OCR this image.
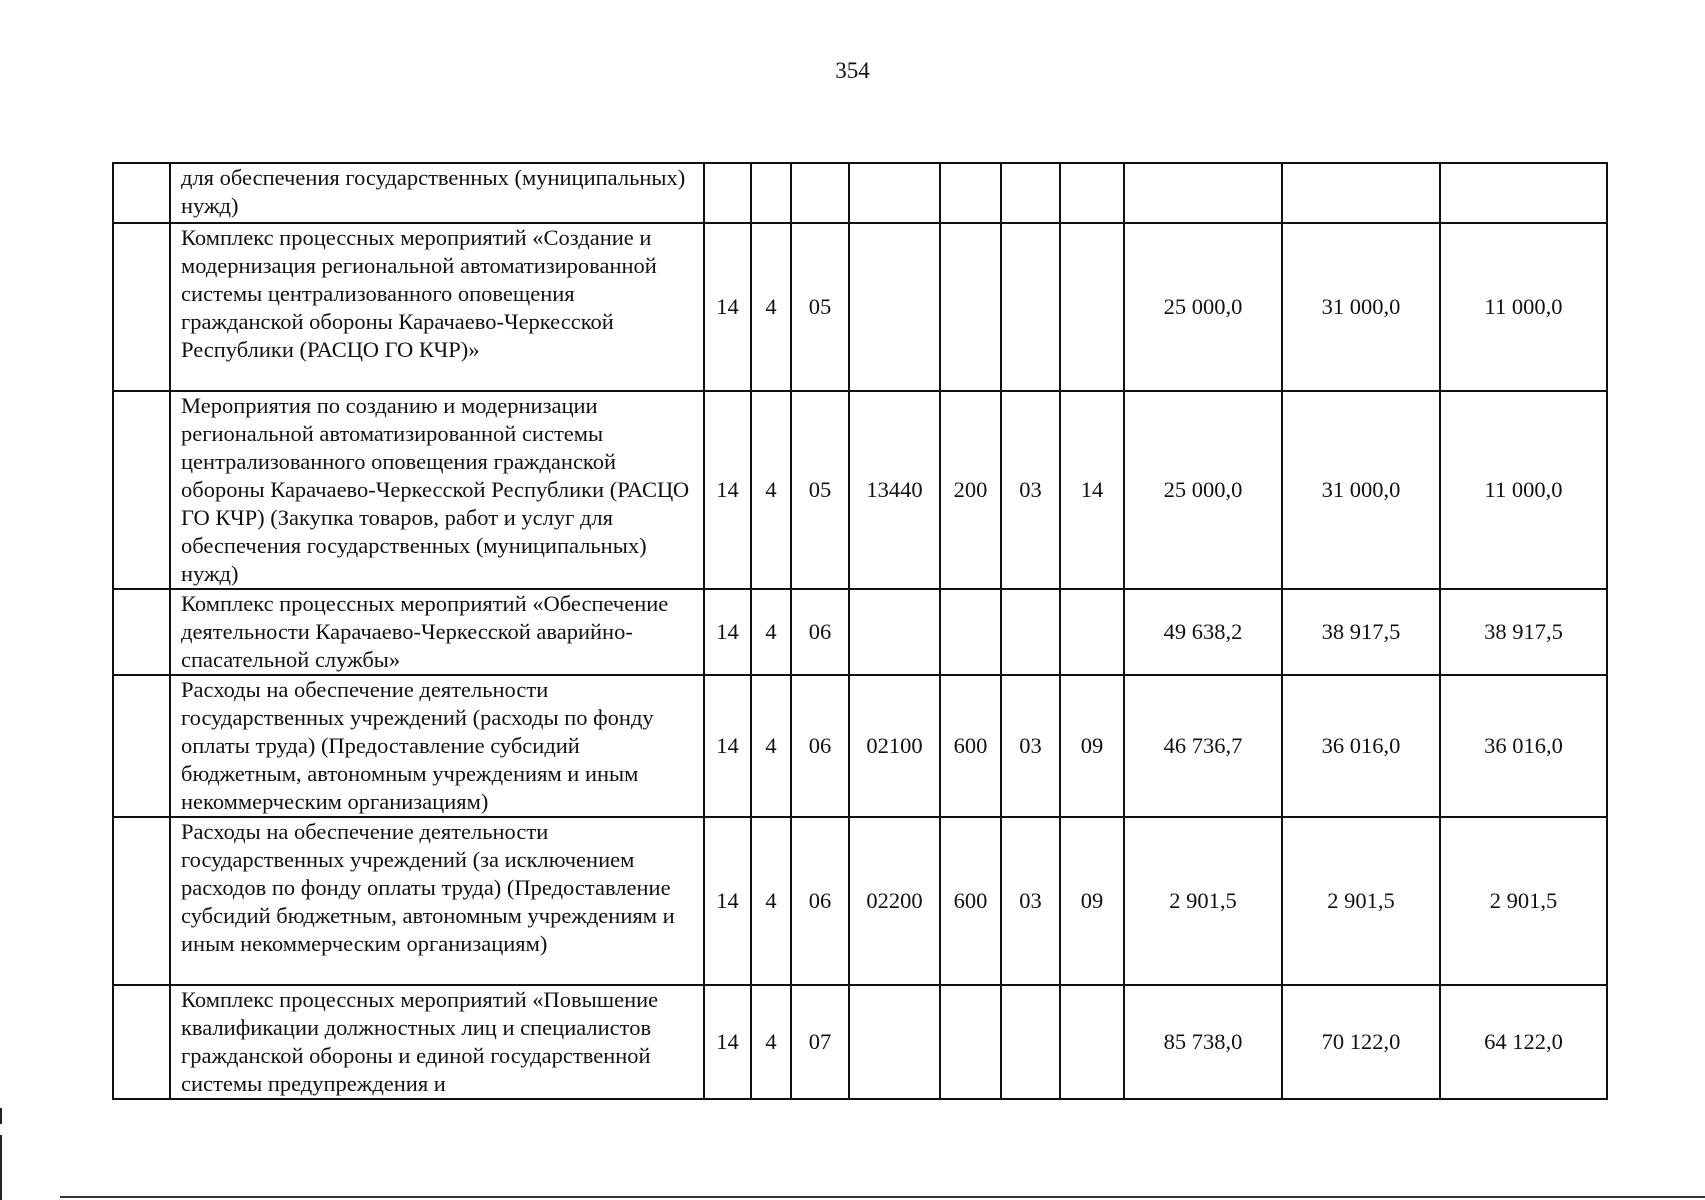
354
	для обеспечения государственных (муниципальных) нужд)										
	Комплекс процессных мероприятий «Создание и модернизация региональной автоматизированной системы централизованного оповещения гражданской обороны Карачаево-Черкесской Республики (РАСЦО ГО КЧР)»	14	4	05					25 000,0	31 000,0	11 000,0
	Мероприятия по созданию и модернизации региональной автоматизированной системы централизованного оповещения гражданской обороны Карачаево-Черкесской Республики (РАСЦО ГО КЧР) (Закупка товаров, работ и услуг для обеспечения государственных (муниципальных) нужд)	14	4	05	13440	200	03	14	25 000,0	31 000,0	11 000,0
	Комплекс процессных мероприятий «Обеспечение деятельности Карачаево-Черкесской аварийно-спасательной службы»	14	4	06					49 638,2	38 917,5	38 917,5
	Расходы на обеспечение деятельности государственных учреждений (расходы по фонду оплаты труда) (Предоставление субсидий бюджетным, автономным учреждениям и иным некоммерческим организациям)	14	4	06	02100	600	03	09	46 736,7	36 016,0	36 016,0
	Расходы на обеспечение деятельности государственных учреждений (за исключением расходов по фонду оплаты труда) (Предоставление субсидий бюджетным, автономным учреждениям и иным некоммерческим организациям)	14	4	06	02200	600	03	09	2 901,5	2 901,5	2 901,5
	Комплекс процессных мероприятий «Повышение квалификации должностных лиц и специалистов гражданской обороны и единой государственной системы предупреждения и	14	4	07					85 738,0	70 122,0	64 122,0
